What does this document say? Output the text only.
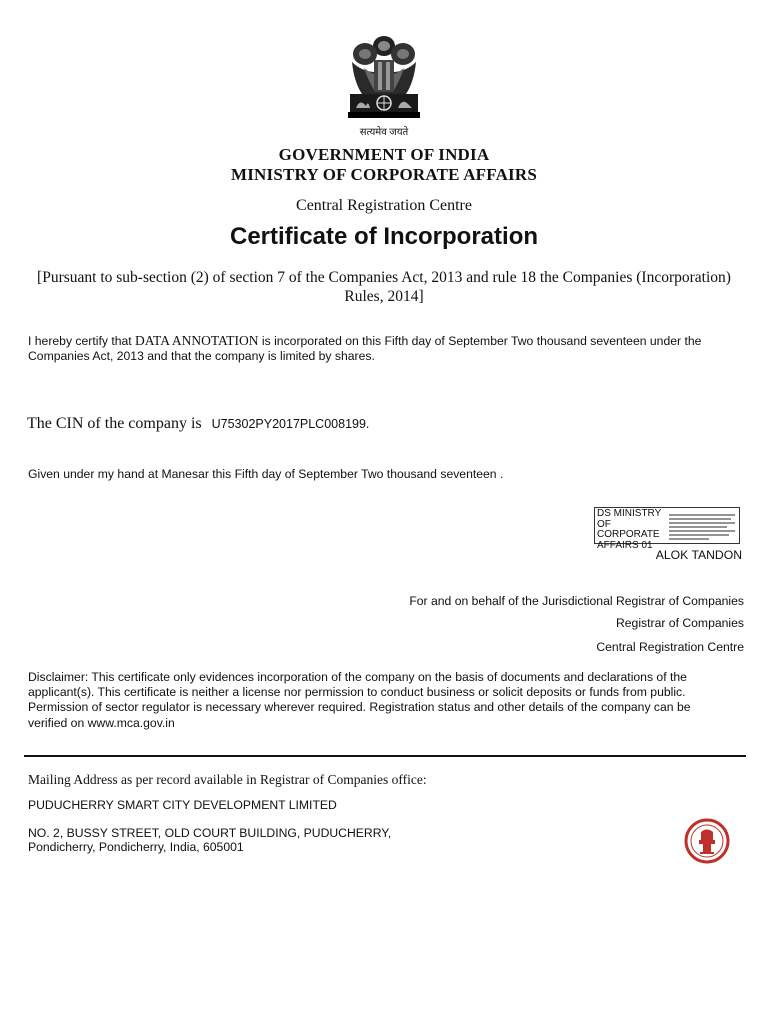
सत्यमेव जयते
GOVERNMENT OF INDIA
MINISTRY OF CORPORATE AFFAIRS
Central Registration Centre
Certificate of Incorporation
[Pursuant to sub-section (2) of section 7 of the Companies Act, 2013 and rule 18 the Companies (Incorporation)
Rules, 2014]
I hereby certify that DATA ANNOTATION is incorporated on this Fifth day of September Two thousand seventeen under the
Companies Act, 2013 and that the company is limited by shares.
The CIN of the company is U75302PY2017PLC008199.
Given under my hand at Manesar this Fifth day of September Two thousand seventeen .
DS MINISTRY OF
CORPORATE
AFFAIRS 01
ALOK TANDON
For and on behalf of the Jurisdictional Registrar of Companies
Registrar of Companies
Central Registration Centre
Disclaimer: This certificate only evidences incorporation of the company on the basis of documents and declarations of the
applicant(s). This certificate is neither a license nor permission to conduct business or solicit deposits or funds from public.
Permission of sector regulator is necessary wherever required. Registration status and other details of the company can be
verified on www.mca.gov.in
Mailing Address as per record available in Registrar of Companies office:
PUDUCHERRY SMART CITY DEVELOPMENT LIMITED
NO. 2, BUSSY STREET, OLD COURT BUILDING, PUDUCHERRY,
Pondicherry, Pondicherry, India, 605001
